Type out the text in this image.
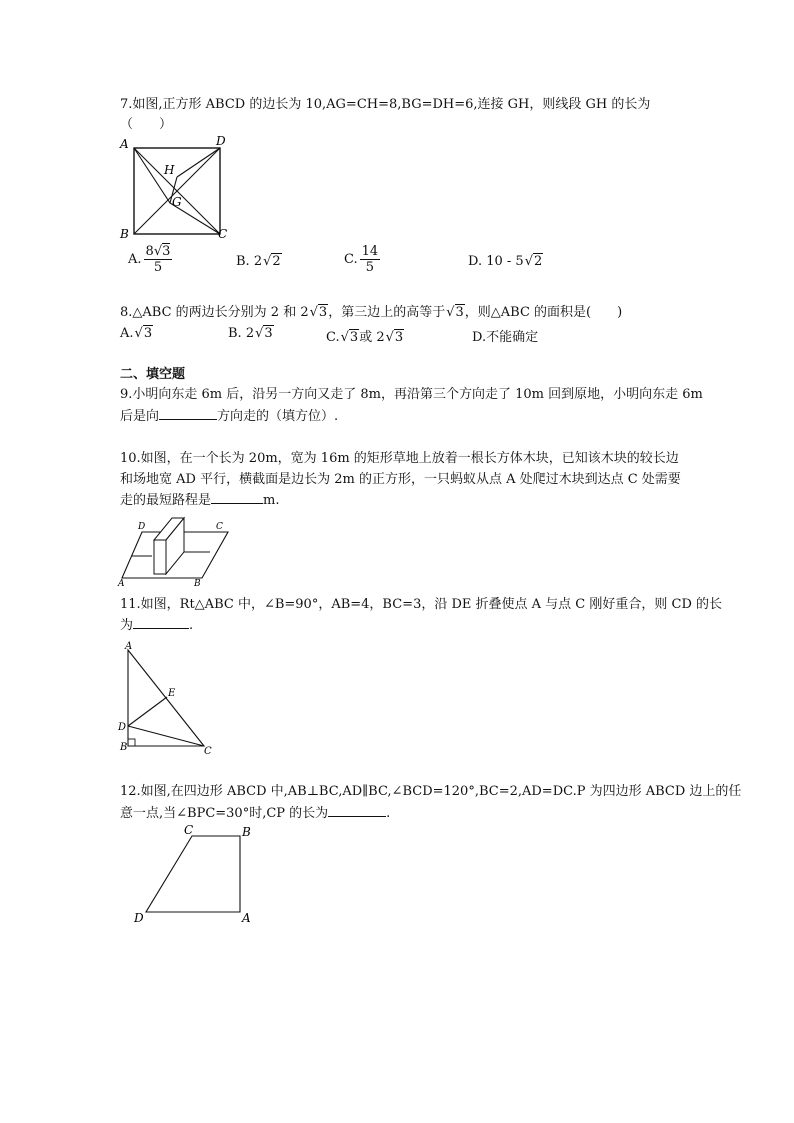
7.如图,正方形 ABCD 的边长为 10,AG=CH=8,BG=DH=6,连接 GH，则线段 GH 的长为
（　　）
A	D
B	C
H
G
A. $\frac{8√3}{5}$	B. 2√2	C. $\frac{14}{5}$	D. 10 - 5√2
8.△ABC 的两边长分别为 2 和 2√3，第三边上的高等于√3，则△ABC 的面积是(　　)
A.√3	B. 2√3	C.√3或 2√3	D.不能确定
二、填空题
9.小明向东走 6m 后，沿另一方向又走了 8m，再沿第三个方向走了 10m 回到原地，小明向东走 6m
后是向	方向走的（填方位）.
10.如图，在一个长为 20m，宽为 16m 的矩形草地上放着一根长方体木块，已知该木块的较长边
和场地宽 AD 平行，横截面是边长为 2m 的正方形，一只蚂蚁从点 A 处爬过木块到达点 C 处需要
走的最短路程是	m.
D	C
A	B
11.如图，Rt△ABC 中，∠B=90°，AB=4，BC=3，沿 DE 折叠使点 A 与点 C 刚好重合，则 CD 的长
为	.
A
E
D
B	C
12.如图,在四边形 ABCD 中,AB⊥BC,AD∥BC,∠BCD=120°,BC=2,AD=DC.P 为四边形 ABCD 边上的任
意一点,当∠BPC=30°时,CP 的长为	.
C	B
D	A
